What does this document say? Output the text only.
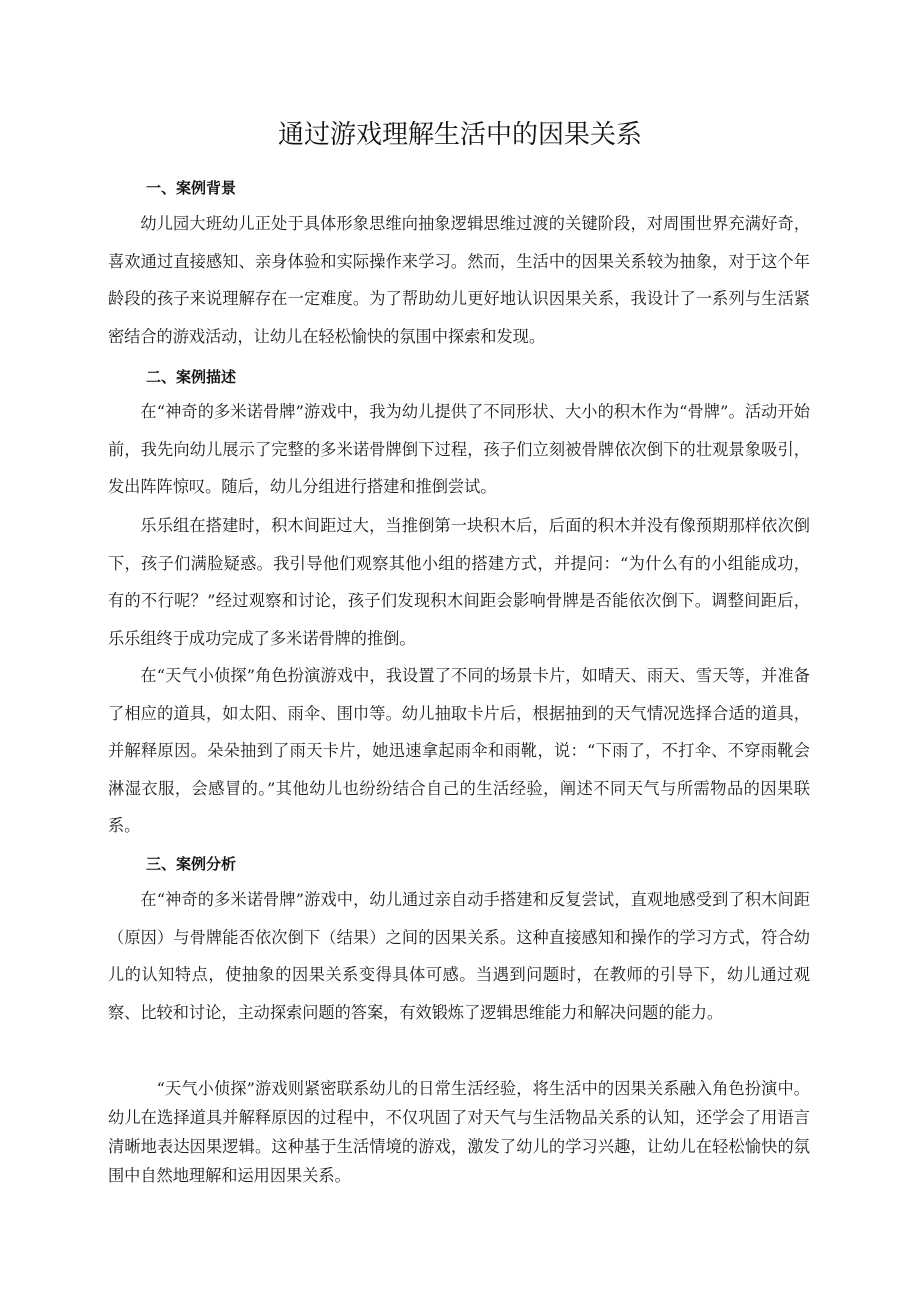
通过游戏理解生活中的因果关系
一、案例背景

幼儿园大班幼儿正处于具体形象思维向抽象逻辑思维过渡的关键阶段，对周围世界充满好奇，喜欢通过直接感知、亲身体验和实际操作来学习。然而，生活中的因果关系较为抽象，对于这个年龄段的孩子来说理解存在一定难度。为了帮助幼儿更好地认识因果关系，我设计了一系列与生活紧密结合的游戏活动，让幼儿在轻松愉快的氛围中探索和发现。

二、案例描述

在“神奇的多米诺骨牌”游戏中，我为幼儿提供了不同形状、大小的积木作为“骨牌”。活动开始前，我先向幼儿展示了完整的多米诺骨牌倒下过程，孩子们立刻被骨牌依次倒下的壮观景象吸引，发出阵阵惊叹。随后，幼儿分组进行搭建和推倒尝试。

乐乐组在搭建时，积木间距过大，当推倒第一块积木后，后面的积木并没有像预期那样依次倒下，孩子们满脸疑惑。我引导他们观察其他小组的搭建方式，并提问：“为什么有的小组能成功，有的不行呢？”经过观察和讨论，孩子们发现积木间距会影响骨牌是否能依次倒下。调整间距后，乐乐组终于成功完成了多米诺骨牌的推倒。

在“天气小侦探”角色扮演游戏中，我设置了不同的场景卡片，如晴天、雨天、雪天等，并准备了相应的道具，如太阳、雨伞、围巾等。幼儿抽取卡片后，根据抽到的天气情况选择合适的道具，并解释原因。朵朵抽到了雨天卡片，她迅速拿起雨伞和雨靴，说：“下雨了，不打伞、不穿雨靴会淋湿衣服，会感冒的。”其他幼儿也纷纷结合自己的生活经验，阐述不同天气与所需物品的因果联系。

三、案例分析

在“神奇的多米诺骨牌”游戏中，幼儿通过亲自动手搭建和反复尝试，直观地感受到了积木间距（原因）与骨牌能否依次倒下（结果）之间的因果关系。这种直接感知和操作的学习方式，符合幼儿的认知特点，使抽象的因果关系变得具体可感。当遇到问题时，在教师的引导下，幼儿通过观察、比较和讨论，主动探索问题的答案，有效锻炼了逻辑思维能力和解决问题的能力。

“天气小侦探”游戏则紧密联系幼儿的日常生活经验，将生活中的因果关系融入角色扮演中。幼儿在选择道具并解释原因的过程中，不仅巩固了对天气与生活物品关系的认知，还学会了用语言清晰地表达因果逻辑。这种基于生活情境的游戏，激发了幼儿的学习兴趣，让幼儿在轻松愉快的氛围中自然地理解和运用因果关系。
